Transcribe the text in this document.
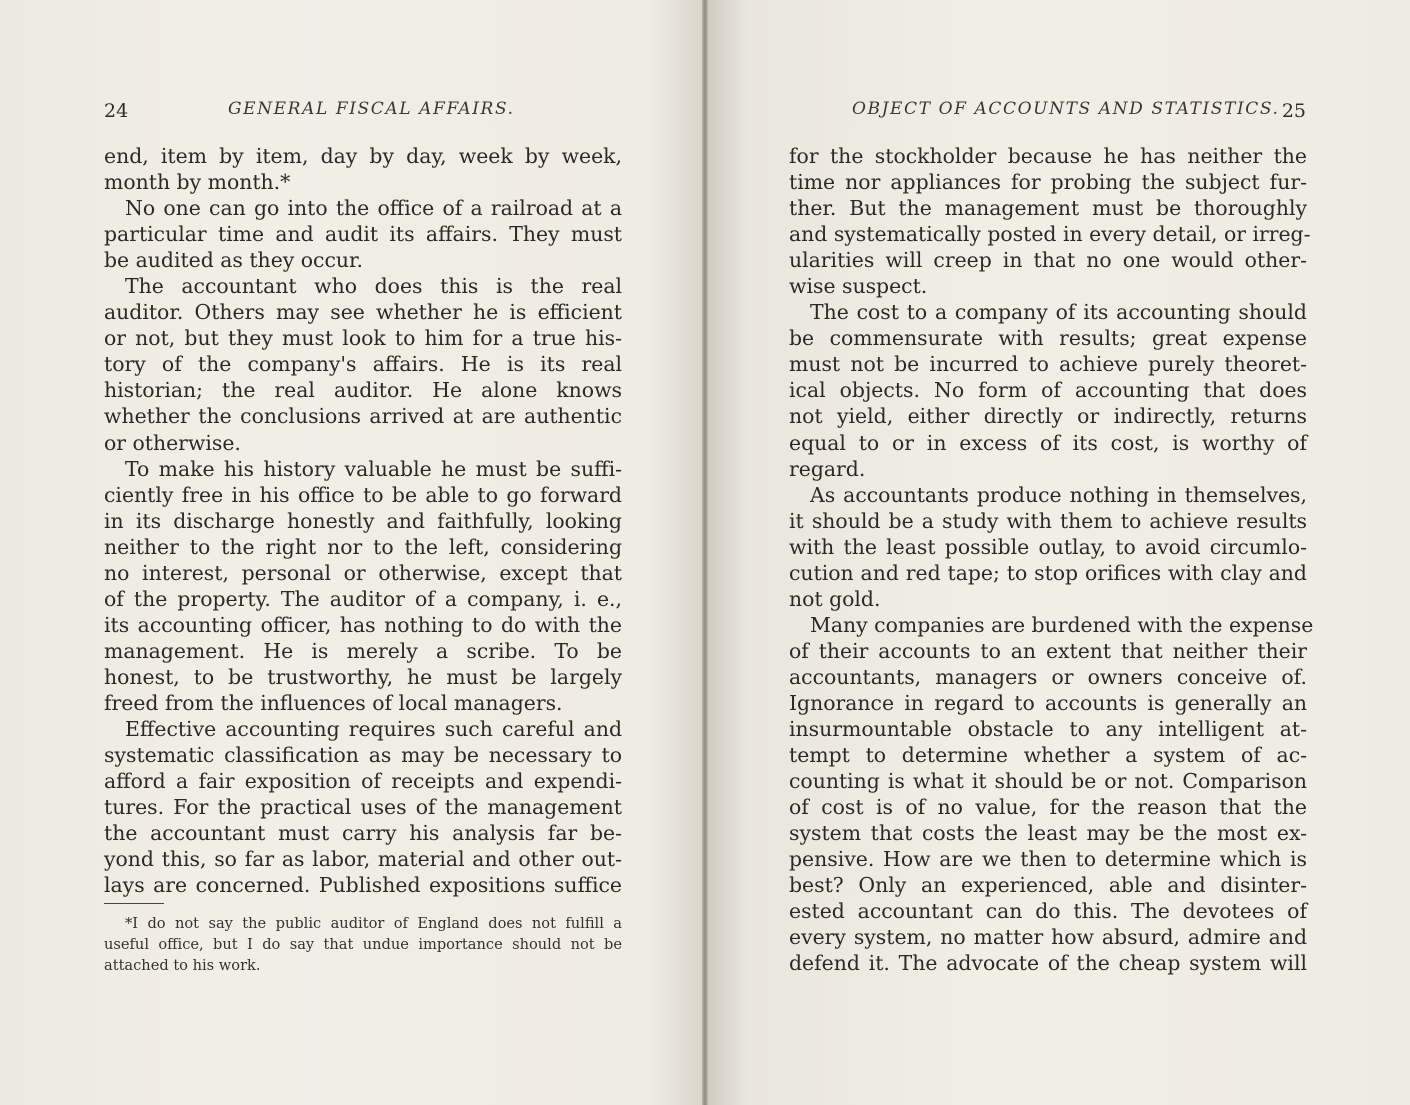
24	GENERAL FISCAL AFFAIRS.
end, item by item, day by day, week by week,
month by month.*
No one can go into the office of a railroad at a
particular time and audit its affairs. They must
be audited as they occur.
The accountant who does this is the real
auditor. Others may see whether he is efficient
or not, but they must look to him for a true his-
tory of the company's affairs. He is its real
historian; the real auditor. He alone knows
whether the conclusions arrived at are authentic
or otherwise.
To make his history valuable he must be suffi-
ciently free in his office to be able to go forward
in its discharge honestly and faithfully, looking
neither to the right nor to the left, considering
no interest, personal or otherwise, except that
of the property. The auditor of a company, i. e.,
its accounting officer, has nothing to do with the
management. He is merely a scribe. To be
honest, to be trustworthy, he must be largely
freed from the influences of local managers.
Effective accounting requires such careful and
systematic classification as may be necessary to
afford a fair exposition of receipts and expendi-
tures. For the practical uses of the management
the accountant must carry his analysis far be-
yond this, so far as labor, material and other out-
lays are concerned. Published expositions suffice
*I do not say the public auditor of England does not fulfill a
useful office, but I do say that undue importance should not be
attached to his work.
OBJECT OF ACCOUNTS AND STATISTICS. 25
for the stockholder because he has neither the
time nor appliances for probing the subject fur-
ther. But the management must be thoroughly
and systematically posted in every detail, or irreg-
ularities will creep in that no one would other-
wise suspect.
The cost to a company of its accounting should
be commensurate with results; great expense
must not be incurred to achieve purely theoret-
ical objects. No form of accounting that does
not yield, either directly or indirectly, returns
equal to or in excess of its cost, is worthy of
regard.
As accountants produce nothing in themselves,
it should be a study with them to achieve results
with the least possible outlay, to avoid circumlo-
cution and red tape; to stop orifices with clay and
not gold.
Many companies are burdened with the expense
of their accounts to an extent that neither their
accountants, managers or owners conceive of.
Ignorance in regard to accounts is generally an
insurmountable obstacle to any intelligent at-
tempt to determine whether a system of ac-
counting is what it should be or not. Comparison
of cost is of no value, for the reason that the
system that costs the least may be the most ex-
pensive. How are we then to determine which is
best? Only an experienced, able and disinter-
ested accountant can do this. The devotees of
every system, no matter how absurd, admire and
defend it. The advocate of the cheap system will
